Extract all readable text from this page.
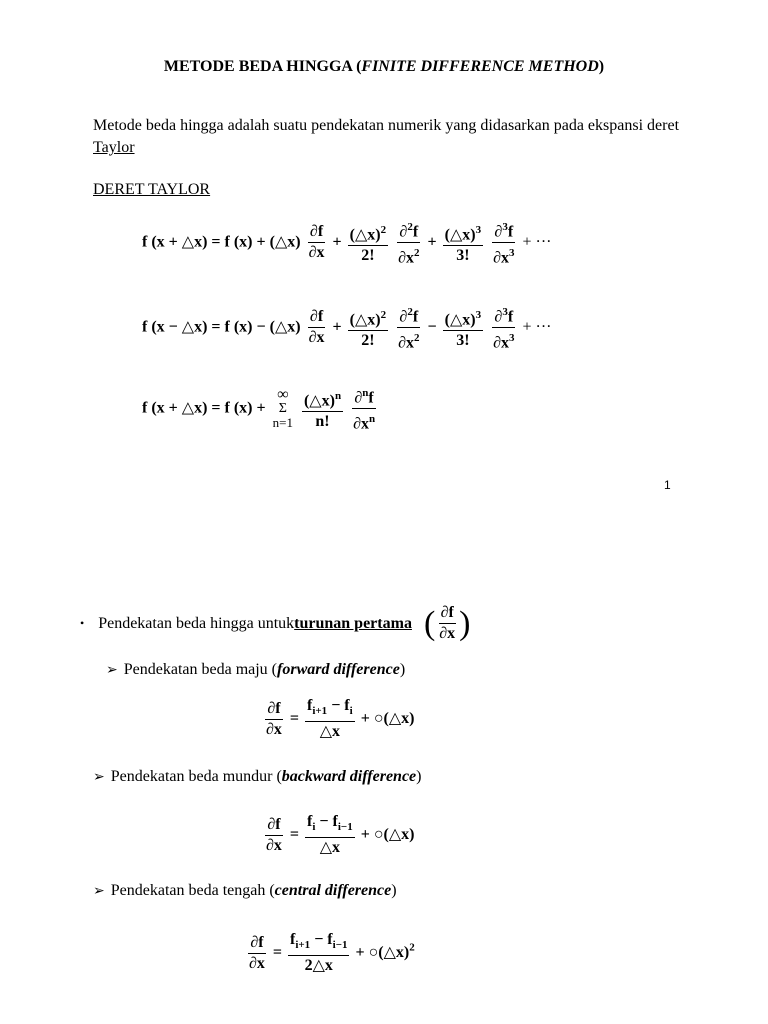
METODE BEDA HINGGA (FINITE DIFFERENCE METHOD)
Metode beda hingga adalah suatu pendekatan numerik yang didasarkan pada ekspansi deret Taylor
DERET TAYLOR
f (x + △x) = f (x) + (△x) $\frac{\partial f}{\partial x} + \frac{(\triangle x)^2}{2!}$
$\frac{\partial^2f}{\partial x^2} + \frac{(\triangle x)^3}{3!}$
$\frac{\partial^3f}{\partial x^3}$ + ···
f (x − △x) = f (x) − (△x) $\frac{\partial f}{\partial x} + \frac{(\triangle x)^2}{2!}$
$\frac{\partial^2f}{\partial x^2} - \frac{(\triangle x)^3}{3!}$
$\frac{\partial^3f}{\partial x^3}$ + ···
f (x + △x) = f (x) +
∞
Σ
n=1
$\frac{(\triangle x)^n}{n!}$
$\frac{\partial^nf}{\partial x^n}$
1
• Pendekatan beda hingga untuk turunan pertama ( $\frac{\partial f}{\partial x}$ )
➢ Pendekatan beda maju (forward difference)
$\frac{\partial f}{\partial x} = \frac{f_{i+1} - f_i}{\triangle x}$ + ○(△x)
➢ Pendekatan beda mundur (backward difference)
$\frac{\partial f}{\partial x} = \frac{f_i - f_{i-1}}{\triangle x}$ + ○(△x)
➢ Pendekatan beda tengah (central difference)
$\frac{\partial f}{\partial x} = \frac{f_{i+1} - f_{i-1}}{2\triangle x}$ + ○(△x)$^2$
